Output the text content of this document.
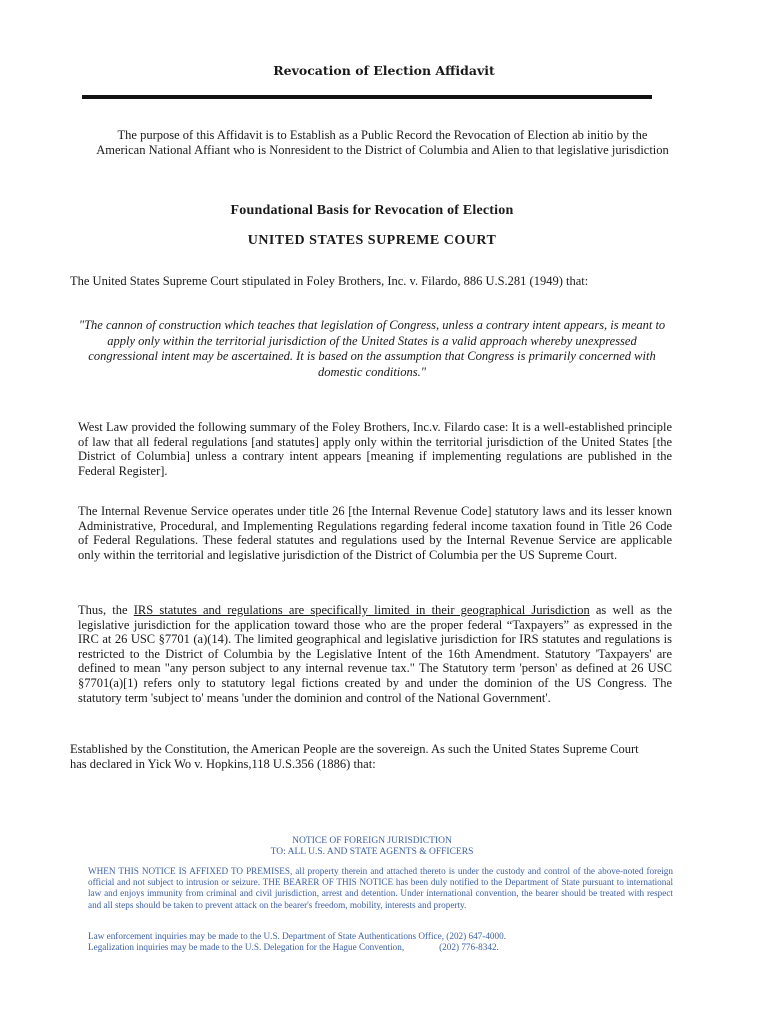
Revocation of Election Affidavit
The purpose of this Affidavit is to Establish as a Public Record the Revocation of Election ab initio by the American National Affiant who is Nonresident to the District of Columbia and Alien to that legislative jurisdiction
Foundational Basis for Revocation of Election
UNITED STATES SUPREME COURT
The United States Supreme Court stipulated in Foley Brothers, Inc. v. Filardo, 886 U.S.281 (1949) that:
"The cannon of construction which teaches that legislation of Congress, unless a contrary intent appears, is meant to apply only within the territorial jurisdiction of the United States is a valid approach whereby unexpressed congressional intent may be ascertained. It is based on the assumption that Congress is primarily concerned with domestic conditions."
West Law provided the following summary of the Foley Brothers, Inc.v. Filardo case: It is a well-established principle of law that all federal regulations [and statutes] apply only within the territorial jurisdiction of the United States [the District of Columbia] unless a contrary intent appears [meaning if implementing regulations are published in the Federal Register].
The Internal Revenue Service operates under title 26 [the Internal Revenue Code] statutory laws and its lesser known Administrative, Procedural, and Implementing Regulations regarding federal income taxation found in Title 26 Code of Federal Regulations. These federal statutes and regulations used by the Internal Revenue Service are applicable only within the territorial and legislative jurisdiction of the District of Columbia per the US Supreme Court.
Thus, the IRS statutes and regulations are specifically limited in their geographical Jurisdiction as well as the legislative jurisdiction for the application toward those who are the proper federal “Taxpayers” as expressed in the IRC at 26 USC §7701 (a)(14). The limited geographical and legislative jurisdiction for IRS statutes and regulations is restricted to the District of Columbia by the Legislative Intent of the 16th Amendment. Statutory 'Taxpayers' are defined to mean "any person subject to any internal revenue tax." The Statutory term 'person' as defined at 26 USC §7701(a)[1) refers only to statutory legal fictions created by and under the dominion of the US Congress. The statutory term 'subject to' means 'under the dominion and control of the National Government'.
Established by the Constitution, the American People are the sovereign. As such the United States Supreme Court has declared in Yick Wo v. Hopkins,118 U.S.356 (1886) that:
NOTICE OF FOREIGN JURISDICTION
TO: ALL U.S. AND STATE AGENTS & OFFICERS
WHEN THIS NOTICE IS AFFIXED TO PREMISES, all property therein and attached thereto is under the custody and control of the above-noted foreign official and not subject to intrusion or seizure. THE BEARER OF THIS NOTICE has been duly notified to the Department of State pursuant to international law and enjoys immunity from criminal and civil jurisdiction, arrest and detention. Under international convention, the bearer should be treated with respect and all steps should be taken to prevent attack on the bearer's freedom, mobility, interests and property.
Law enforcement inquiries may be made to the U.S. Department of State Authentications Office, (202) 647-4000.
Legalization inquiries may be made to the U.S. Delegation for the Hague Convention,	(202) 776-8342.
